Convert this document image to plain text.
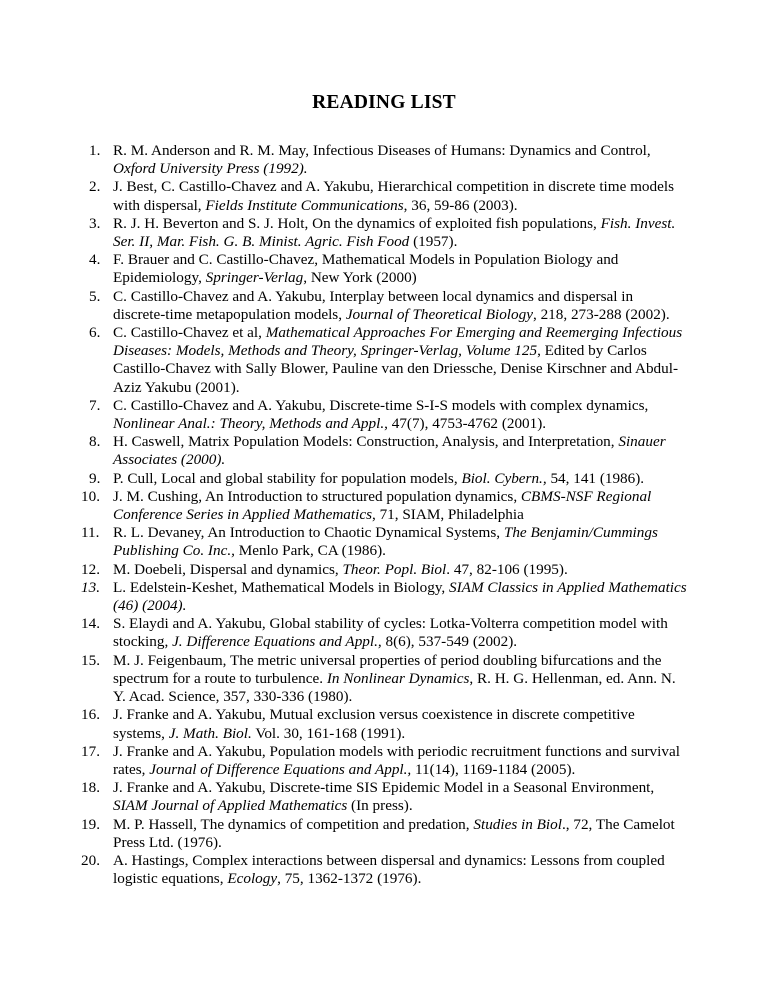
READING LIST
1. R. M. Anderson and R. M. May, Infectious Diseases of Humans: Dynamics and Control, Oxford University Press (1992).
2. J. Best, C. Castillo-Chavez and A. Yakubu, Hierarchical competition in discrete time models with dispersal, Fields Institute Communications, 36, 59-86 (2003).
3. R. J. H. Beverton and S. J. Holt, On the dynamics of exploited fish populations, Fish. Invest. Ser. II, Mar. Fish. G. B. Minist. Agric. Fish Food (1957).
4. F. Brauer and C. Castillo-Chavez, Mathematical Models in Population Biology and Epidemiology, Springer-Verlag, New York (2000)
5. C. Castillo-Chavez and A. Yakubu, Interplay between local dynamics and dispersal in discrete-time metapopulation models, Journal of Theoretical Biology, 218, 273-288 (2002).
6. C. Castillo-Chavez et al, Mathematical Approaches For Emerging and Reemerging Infectious Diseases: Models, Methods and Theory, Springer-Verlag, Volume 125, Edited by Carlos Castillo-Chavez with Sally Blower, Pauline van den Driessche, Denise Kirschner and Abdul-Aziz Yakubu (2001).
7. C. Castillo-Chavez and A. Yakubu, Discrete-time S-I-S models with complex dynamics, Nonlinear Anal.: Theory, Methods and Appl., 47(7), 4753-4762 (2001).
8. H. Caswell, Matrix Population Models: Construction, Analysis, and Interpretation, Sinauer Associates (2000).
9. P. Cull, Local and global stability for population models, Biol. Cybern., 54, 141 (1986).
10. J. M. Cushing, An Introduction to structured population dynamics, CBMS-NSF Regional Conference Series in Applied Mathematics, 71, SIAM, Philadelphia
11. R. L. Devaney, An Introduction to Chaotic Dynamical Systems, The Benjamin/Cummings Publishing Co. Inc., Menlo Park, CA (1986).
12. M. Doebeli, Dispersal and dynamics, Theor. Popl. Biol. 47, 82-106 (1995).
13. L. Edelstein-Keshet, Mathematical Models in Biology, SIAM Classics in Applied Mathematics (46) (2004).
14. S. Elaydi and A. Yakubu, Global stability of cycles: Lotka-Volterra competition model with stocking, J. Difference Equations and Appl., 8(6), 537-549 (2002).
15. M. J. Feigenbaum, The metric universal properties of period doubling bifurcations and the spectrum for a route to turbulence. In Nonlinear Dynamics, R. H. G. Hellenman, ed. Ann. N. Y. Acad. Science, 357, 330-336 (1980).
16. J. Franke and A. Yakubu, Mutual exclusion versus coexistence in discrete competitive systems, J. Math. Biol. Vol. 30, 161-168 (1991).
17. J. Franke and A. Yakubu, Population models with periodic recruitment functions and survival rates, Journal of Difference Equations and Appl., 11(14), 1169-1184 (2005).
18. J. Franke and A. Yakubu, Discrete-time SIS Epidemic Model in a Seasonal Environment, SIAM Journal of Applied Mathematics (In press).
19. M. P. Hassell, The dynamics of competition and predation, Studies in Biol., 72, The Camelot Press Ltd. (1976).
20. A. Hastings, Complex interactions between dispersal and dynamics: Lessons from coupled logistic equations, Ecology, 75, 1362-1372 (1976).
